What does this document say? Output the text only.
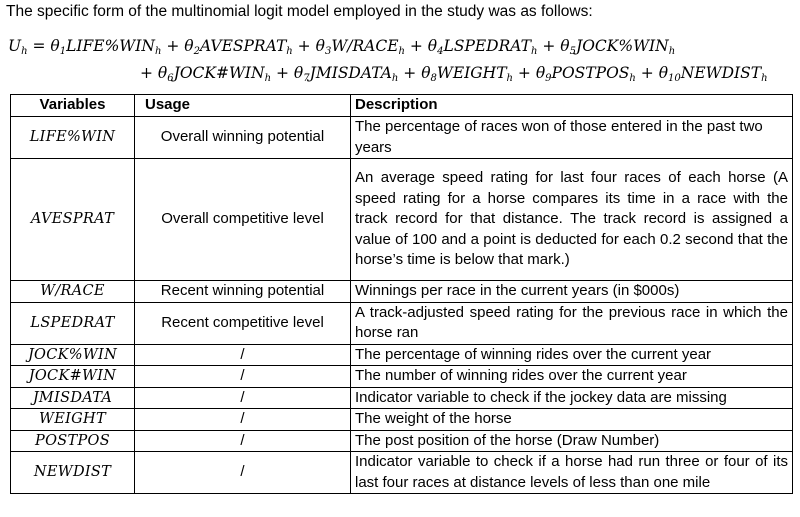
The specific form of the multinomial logit model employed in the study was as follows:
$U_h$ = $\theta_1LIFE\%WIN_h$ + $\theta_2AVESPRAT_h$ + $\theta_3W/RACE_h$ + $\theta_4LSPEDRAT_h$ + $\theta_5JOCK\%WIN_h$
+ $\theta_6JOCK\#WIN_h$ + $\theta_7JMISDATA_h$ + $\theta_8WEIGHT_h$ + $\theta_9POSTPOS_h$ + $\theta_{10}NEWDIST_h$
Variables	Usage	Description
LIFE%WIN	Overall winning potential	The percentage of races won of those entered in the past two years
AVESPRAT	Overall competitive level	An average speed rating for last four races of each horse (A speed rating for a horse compares its time in a race with the track record for that distance. The track record is assigned a value of 100 and a point is deducted for each 0.2 second that the horse’s time is below that mark.)
W/RACE	Recent winning potential	Winnings per race in the current years (in $000s)
LSPEDRAT	Recent competitive level	A track-adjusted speed rating for the previous race in which the horse ran
JOCK%WIN	/	The percentage of winning rides over the current year
JOCK#WIN	/	The number of winning rides over the current year
JMISDATA	/	Indicator variable to check if the jockey data are missing
WEIGHT	/	The weight of the horse
POSTPOS	/	The post position of the horse (Draw Number)
NEWDIST	/	Indicator variable to check if a horse had run three or four of its last four races at distance levels of less than one mile
